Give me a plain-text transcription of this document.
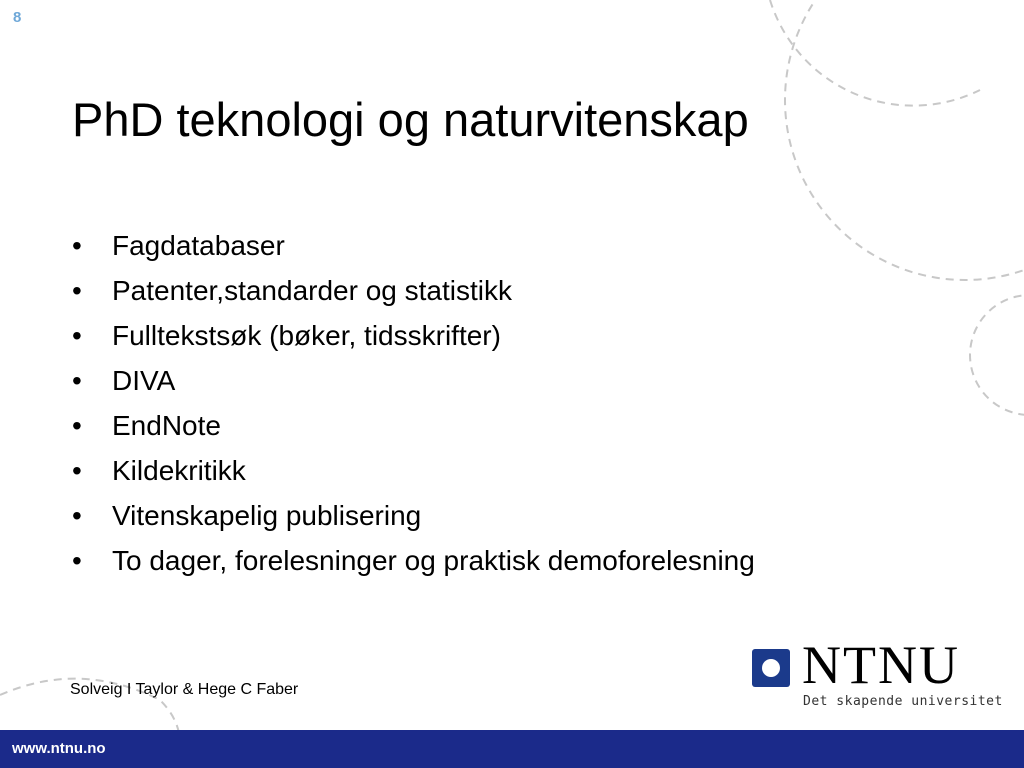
8
PhD teknologi og naturvitenskap
• Fagdatabaser
• Patenter,standarder og statistikk
• Fulltekstsøk (bøker, tidsskrifter)
• DIVA
• EndNote
• Kildekritikk
• Vitenskapelig publisering
• To dager, forelesninger og praktisk demoforelesning
Solveig I Taylor & Hege C Faber	NTNU
Det skapende universitet
www.ntnu.no
